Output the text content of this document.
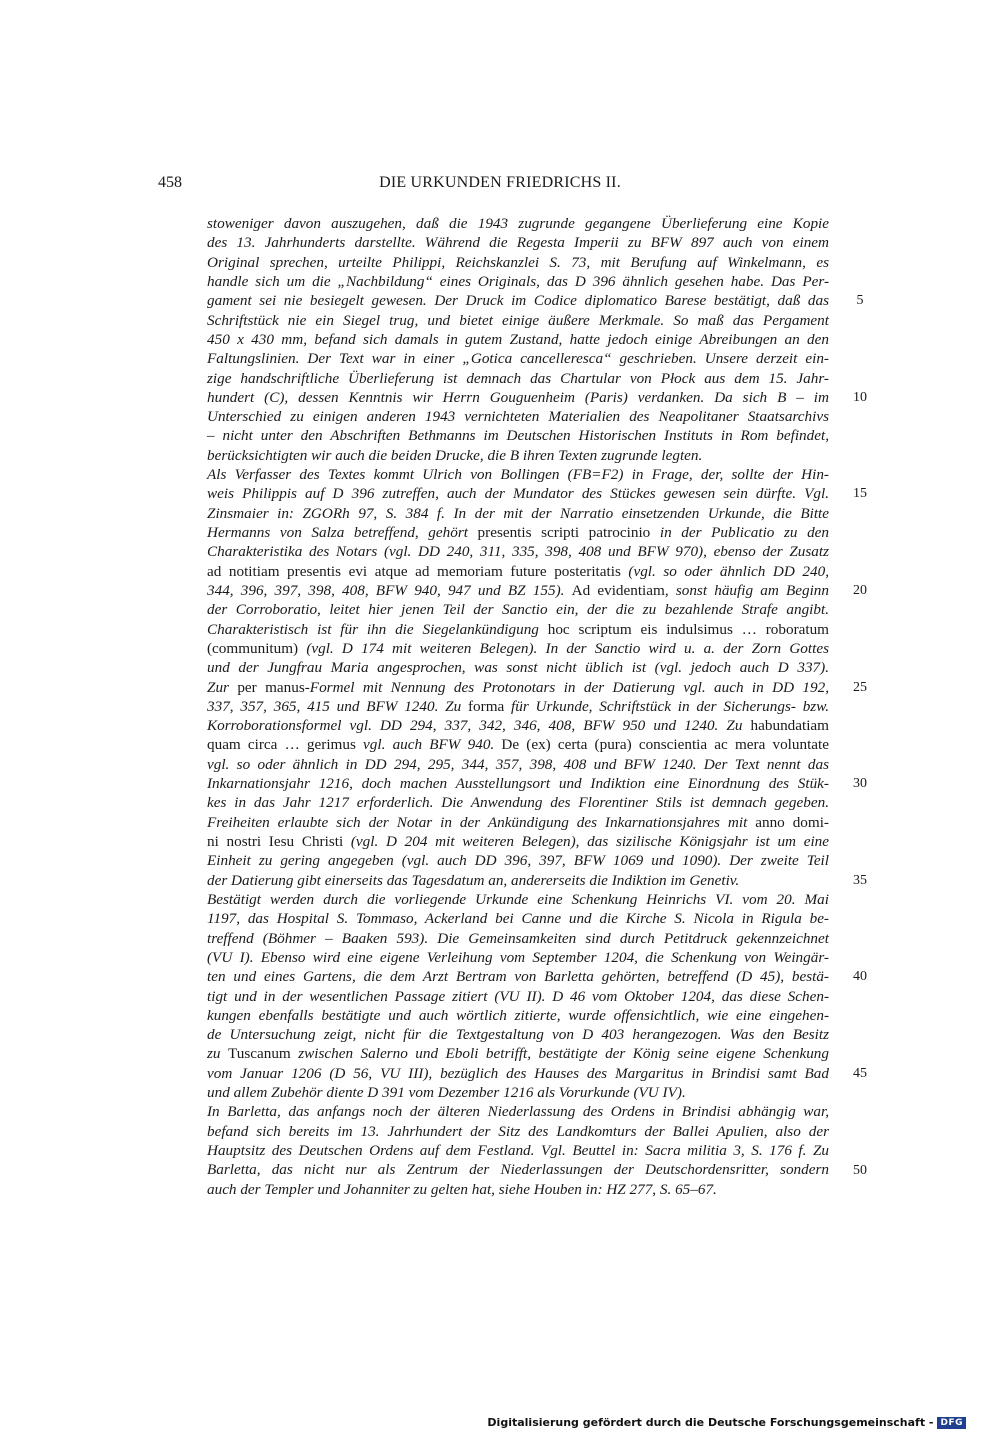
458	DIE URKUNDEN FRIEDRICHS II.
stoweniger davon auszugehen, daß die 1943 zugrunde gegangene Überlieferung eine Kopie
des 13. Jahrhunderts darstellte. Während die Regesta Imperii zu BFW 897 auch von einem
Original sprechen, urteilte Philippi, Reichskanzlei S. 73, mit Berufung auf Winkelmann, es
handle sich um die „Nachbildung“ eines Originals, das D 396 ähnlich gesehen habe. Das Per-
gament sei nie besiegelt gewesen. Der Druck im Codice diplomatico Barese bestätigt, daß das
Schriftstück nie ein Siegel trug, und bietet einige äußere Merkmale. So maß das Pergament
450 x 430 mm, befand sich damals in gutem Zustand, hatte jedoch einige Abreibungen an den
Faltungslinien. Der Text war in einer „Gotica cancelleresca“ geschrieben. Unsere derzeit ein-
zige handschriftliche Überlieferung ist demnach das Chartular von Płock aus dem 15. Jahr-
hundert (C), dessen Kenntnis wir Herrn Gouguenheim (Paris) verdanken. Da sich B – im
Unterschied zu einigen anderen 1943 vernichteten Materialien des Neapolitaner Staatsarchivs
– nicht unter den Abschriften Bethmanns im Deutschen Historischen Instituts in Rom befindet,
berücksichtigten wir auch die beiden Drucke, die B ihren Texten zugrunde legten.
Als Verfasser des Textes kommt Ulrich von Bollingen (FB=F2) in Frage, der, sollte der Hin-
weis Philippis auf D 396 zutreffen, auch der Mundator des Stückes gewesen sein dürfte. Vgl.
Zinsmaier in: ZGORh 97, S. 384 f. In der mit der Narratio einsetzenden Urkunde, die Bitte
Hermanns von Salza betreffend, gehört presentis scripti patrocinio in der Publicatio zu den
Charakteristika des Notars (vgl. DD 240, 311, 335, 398, 408 und BFW 970), ebenso der Zusatz
ad notitiam presentis evi atque ad memoriam future posteritatis (vgl. so oder ähnlich DD 240,
344, 396, 397, 398, 408, BFW 940, 947 und BZ 155). Ad evidentiam, sonst häufig am Beginn
der Corroboratio, leitet hier jenen Teil der Sanctio ein, der die zu bezahlende Strafe angibt.
Charakteristisch ist für ihn die Siegelankündigung hoc scriptum eis indulsimus … roboratum
(communitum) (vgl. D 174 mit weiteren Belegen). In der Sanctio wird u. a. der Zorn Gottes
und der Jungfrau Maria angesprochen, was sonst nicht üblich ist (vgl. jedoch auch D 337).
Zur per manus-Formel mit Nennung des Protonotars in der Datierung vgl. auch in DD 192,
337, 357, 365, 415 und BFW 1240. Zu forma für Urkunde, Schriftstück in der Sicherungs- bzw.
Korroborationsformel vgl. DD 294, 337, 342, 346, 408, BFW 950 und 1240. Zu habundatiam
quam circa … gerimus vgl. auch BFW 940. De (ex) certa (pura) conscientia ac mera voluntate
vgl. so oder ähnlich in DD 294, 295, 344, 357, 398, 408 und BFW 1240. Der Text nennt das
Inkarnationsjahr 1216, doch machen Ausstellungsort und Indiktion eine Einordnung des Stük-
kes in das Jahr 1217 erforderlich. Die Anwendung des Florentiner Stils ist demnach gegeben.
Freiheiten erlaubte sich der Notar in der Ankündigung des Inkarnationsjahres mit anno domi-
ni nostri Iesu Christi (vgl. D 204 mit weiteren Belegen), das sizilische Königsjahr ist um eine
Einheit zu gering angegeben (vgl. auch DD 396, 397, BFW 1069 und 1090). Der zweite Teil
der Datierung gibt einerseits das Tagesdatum an, andererseits die Indiktion im Genetiv.
Bestätigt werden durch die vorliegende Urkunde eine Schenkung Heinrichs VI. vom 20. Mai
1197, das Hospital S. Tommaso, Ackerland bei Canne und die Kirche S. Nicola in Rigula be-
treffend (Böhmer – Baaken 593). Die Gemeinsamkeiten sind durch Petitdruck gekennzeichnet
(VU I). Ebenso wird eine eigene Verleihung vom September 1204, die Schenkung von Weingär-
ten und eines Gartens, die dem Arzt Bertram von Barletta gehörten, betreffend (D 45), bestä-
tigt und in der wesentlichen Passage zitiert (VU II). D 46 vom Oktober 1204, das diese Schen-
kungen ebenfalls bestätigte und auch wörtlich zitierte, wurde offensichtlich, wie eine eingehen-
de Untersuchung zeigt, nicht für die Textgestaltung von D 403 herangezogen. Was den Besitz
zu Tuscanum zwischen Salerno und Eboli betrifft, bestätigte der König seine eigene Schenkung
vom Januar 1206 (D 56, VU III), bezüglich des Hauses des Margaritus in Brindisi samt Bad
und allem Zubehör diente D 391 vom Dezember 1216 als Vorurkunde (VU IV).
In Barletta, das anfangs noch der älteren Niederlassung des Ordens in Brindisi abhängig war,
befand sich bereits im 13. Jahrhundert der Sitz des Landkomturs der Ballei Apulien, also der
Hauptsitz des Deutschen Ordens auf dem Festland. Vgl. Beuttel in: Sacra militia 3, S. 176 f. Zu
Barletta, das nicht nur als Zentrum der Niederlassungen der Deutschordensritter, sondern
auch der Templer und Johanniter zu gelten hat, siehe Houben in: HZ 277, S. 65–67.
5
10
15
20
25
30
35
40
45
50
Digitalisierung gefördert durch die Deutsche Forschungsgemeinschaft - DFG
